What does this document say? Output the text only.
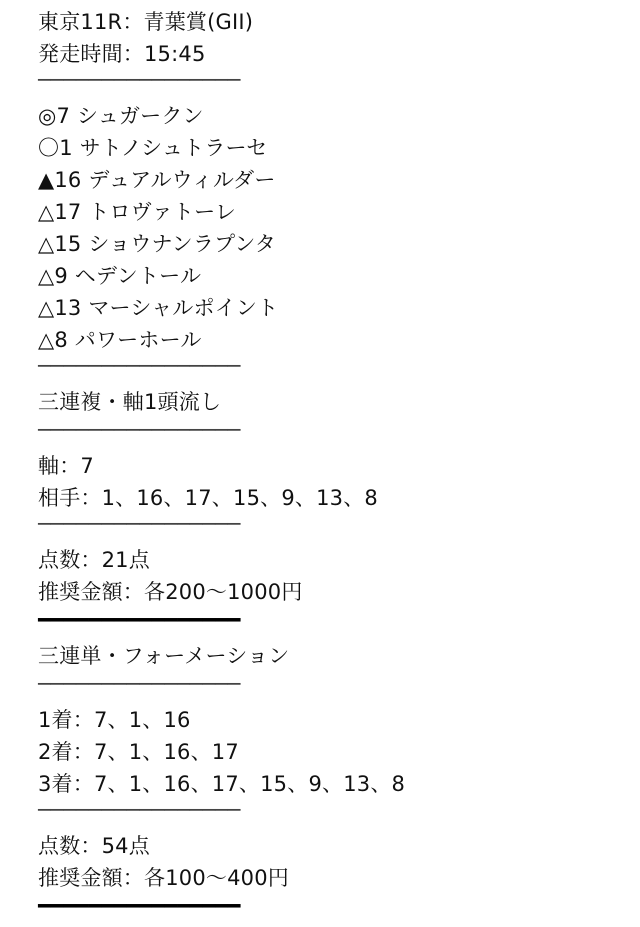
東京11R：青葉賞(GII)
発走時間：15:45
────────────────
◎7 シュガークン
〇1 サトノシュトラーセ
▲16 デュアルウィルダー
△17 トロヴァトーレ
△15 ショウナンラプンタ
△9 ヘデントール
△13 マーシャルポイント
△8 パワーホール
────────────────
三連複・軸1頭流し
────────────────
軸：7
相手：1、16、17、15、9、13、8
────────────────
点数：21点
推奨金額：各200～1000円
━━━━━━━━━━━━━━━━
三連単・フォーメーション
────────────────
1着：7、1、16
2着：7、1、16、17
3着：7、1、16、17、15、9、13、8
────────────────
点数：54点
推奨金額：各100～400円
━━━━━━━━━━━━━━━━
